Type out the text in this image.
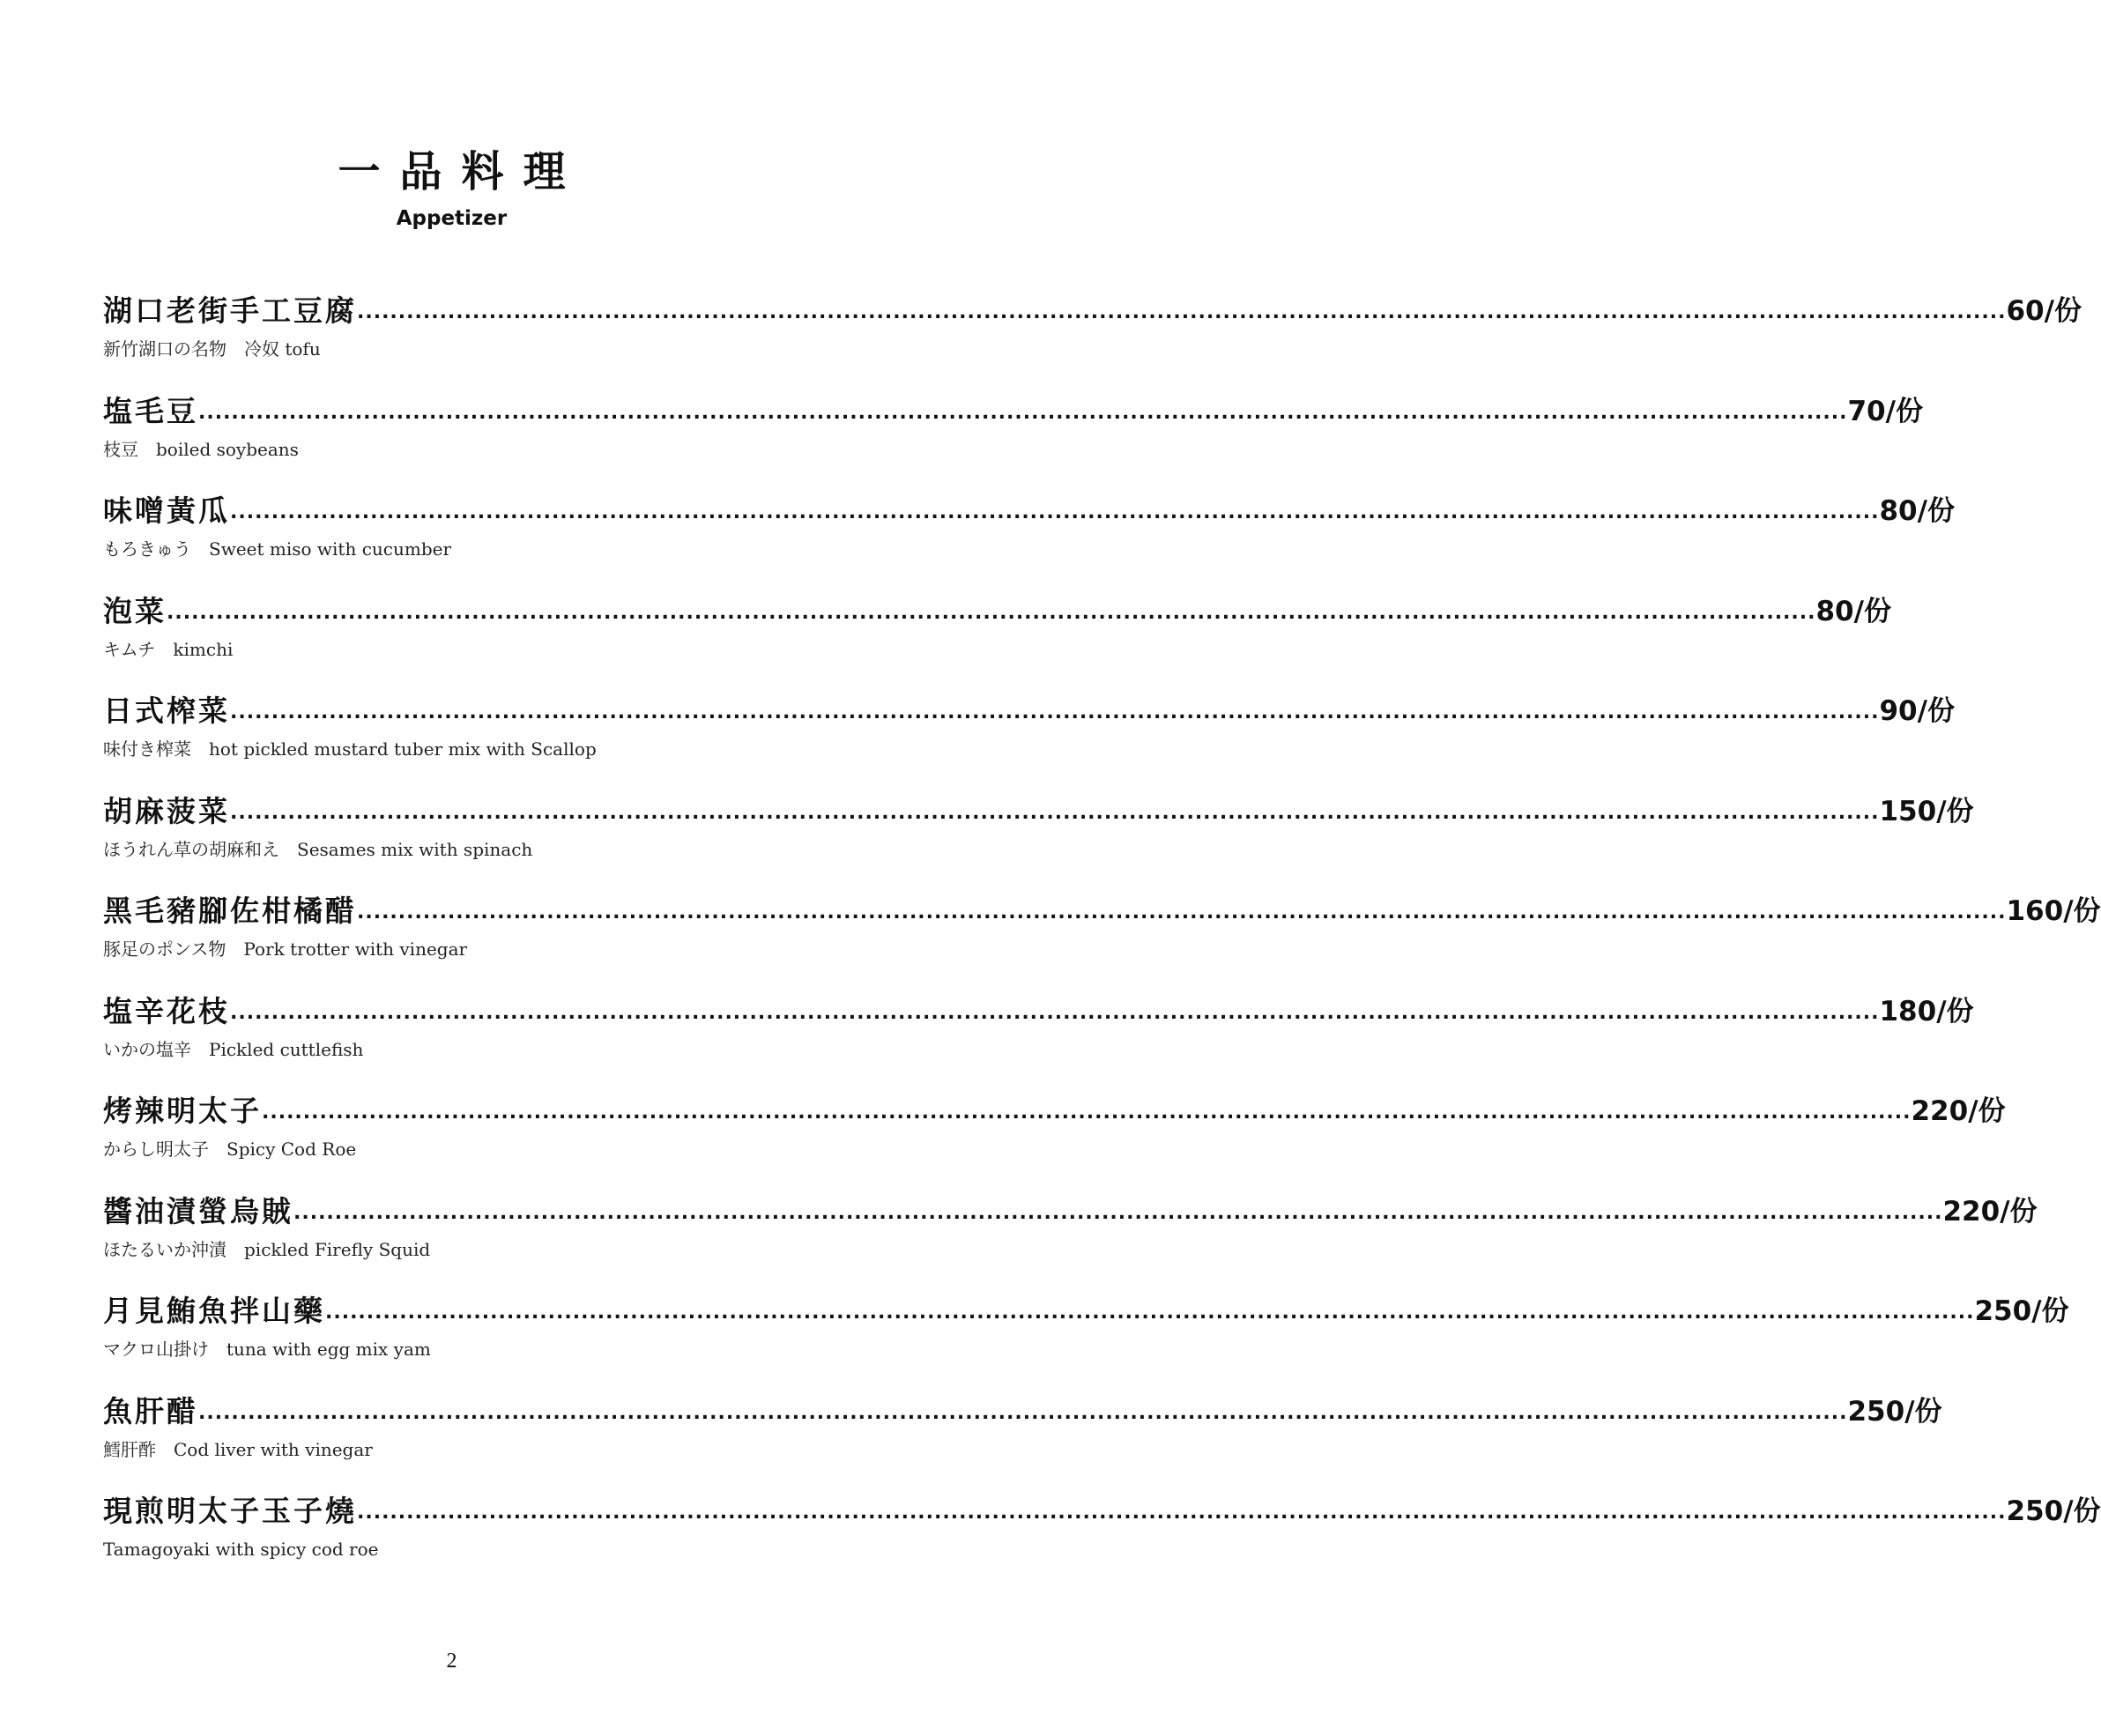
一品料理
Appetizer
湖口老街手工豆腐 ........................................................................................................................................................................................................ 60/份
新竹湖口の名物　冷奴 tofu
塩毛豆 ........................................................................................................................................................................................................ 70/份
枝豆　boiled soybeans
味噌黃瓜 ........................................................................................................................................................................................................ 80/份
もろきゅう　Sweet miso with cucumber
泡菜 ........................................................................................................................................................................................................ 80/份
キムチ　kimchi
日式榨菜 ........................................................................................................................................................................................................ 90/份
味付き榨菜　hot pickled mustard tuber mix with Scallop
胡麻菠菜 ........................................................................................................................................................................................................ 150/份
ほうれん草の胡麻和え　Sesames mix with spinach
黑毛豬腳佐柑橘醋 ........................................................................................................................................................................................................ 160/份
豚足のポンス物　Pork trotter with vinegar
塩辛花枝 ........................................................................................................................................................................................................ 180/份
いかの塩辛　Pickled cuttlefish
烤辣明太子 ........................................................................................................................................................................................................ 220/份
からし明太子　Spicy Cod Roe
醬油漬螢烏賊 ........................................................................................................................................................................................................ 220/份
ほたるいか沖漬　pickled Firefly Squid
月見鮪魚拌山藥 ........................................................................................................................................................................................................ 250/份
マクロ山掛け　tuna with egg mix yam
魚肝醋 ........................................................................................................................................................................................................ 250/份
鱈肝酢　Cod liver with vinegar
現煎明太子玉子燒 ........................................................................................................................................................................................................ 250/份
Tamagoyaki with spicy cod roe
2
